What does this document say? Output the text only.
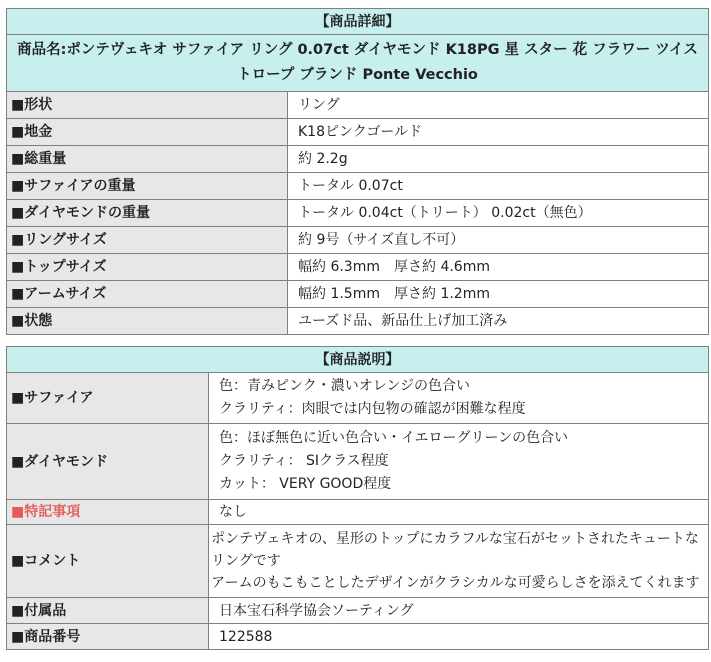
【商品詳細】	
商品名:ポンテヴェキオ サファイア リング 0.07ct ダイヤモンド K18PG 星 スター 花 フラワー ツイストロープ ブランド Ponte Vecchio	
■形状	リング
■地金	K18ピンクゴールド
■総重量	約 2.2g
■サファイアの重量	トータル 0.07ct
■ダイヤモンドの重量	トータル 0.04ct（トリート） 0.02ct（無色）
■リングサイズ	約 9号（サイズ直し不可）
■トップサイズ	幅約 6.3mm　厚さ約 4.6mm
■アームサイズ	幅約 1.5mm　厚さ約 1.2mm
■状態	ユーズド品、新品仕上げ加工済み
【商品説明】	
■サファイア	色：青みピンク・濃いオレンジの色合い
クラリティ：肉眼では内包物の確認が困難な程度

■ダイヤモンド	色：ほぼ無色に近い色合い・イエローグリーンの色合い
クラリティ： SIクラス程度
カット： VERY GOOD程度

■特記事項	なし
■コメント	ポンテヴェキオの、星形のトップにカラフルな宝石がセットされたキュートなリングです
アームのもこもことしたデザインがクラシカルな可愛らしさを添えてくれます

■付属品	日本宝石科学協会ソーティング
■商品番号	122588
